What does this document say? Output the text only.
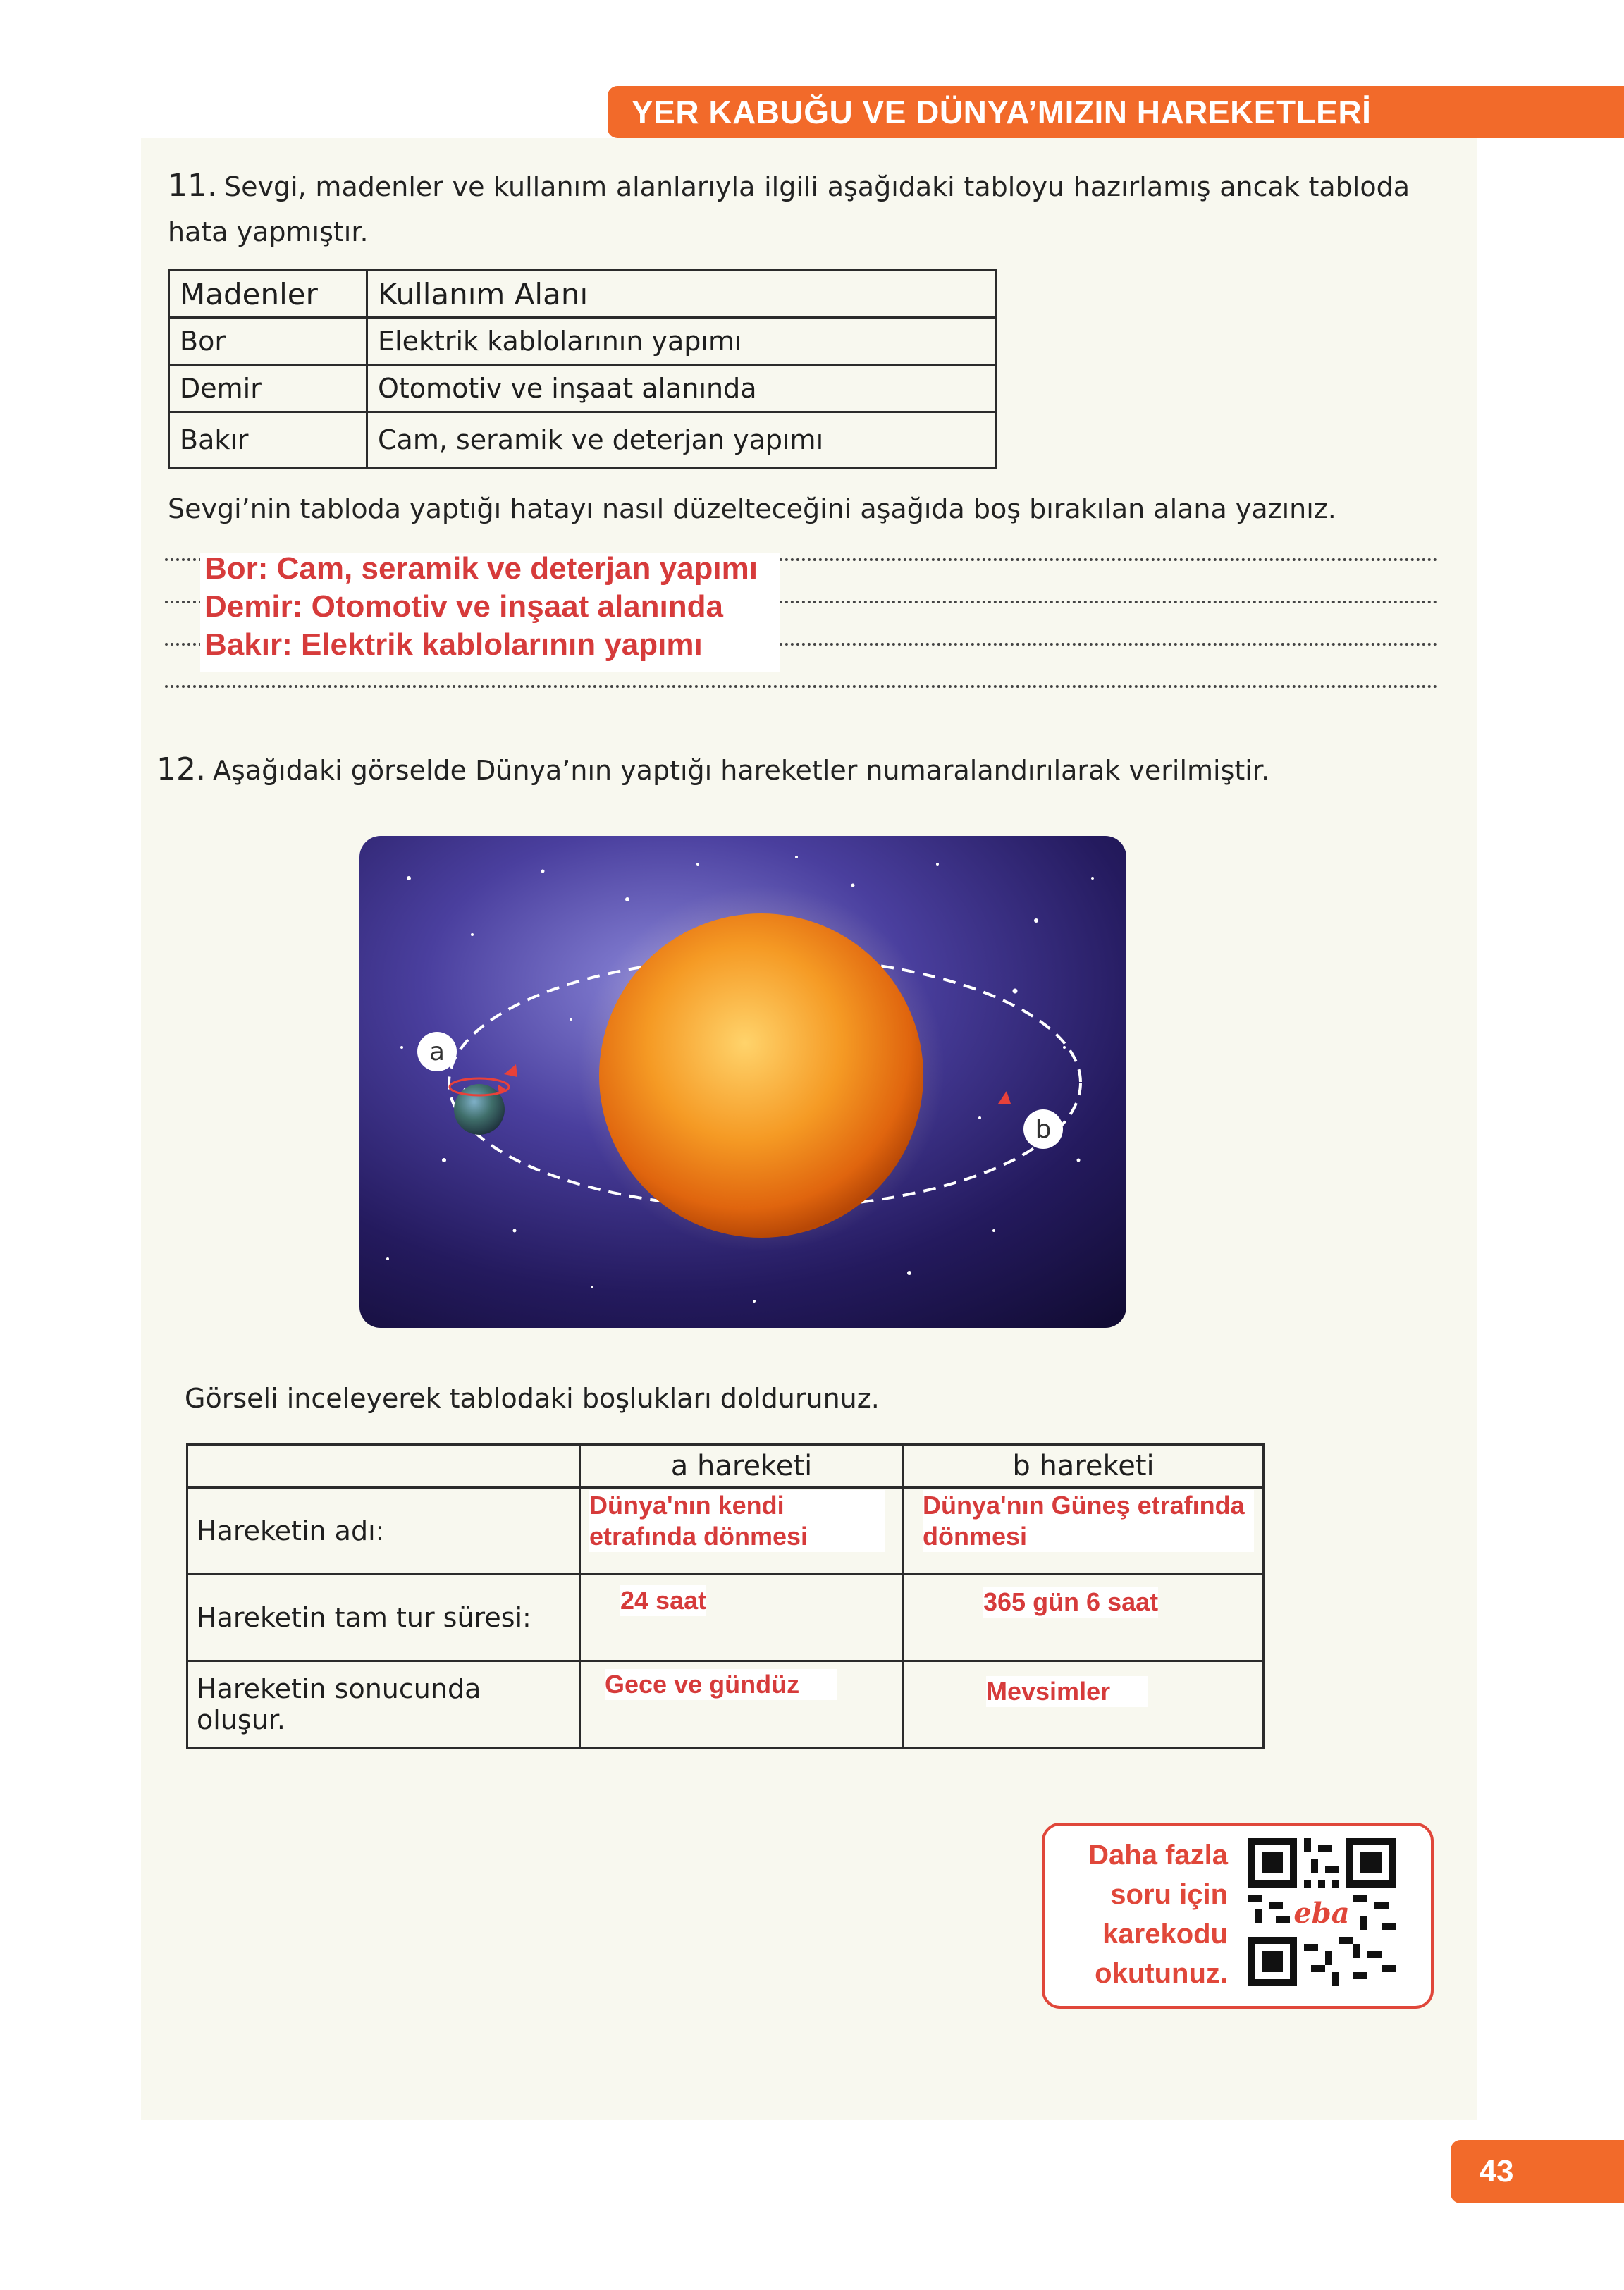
YER KABUĞU VE DÜNYA’MIZIN HAREKETLERİ
11. Sevgi, madenler ve kullanım alanlarıyla ilgili aşağıdaki tabloyu hazırlamış ancak tabloda hata yapmıştır.
Madenler	Kullanım Alanı
Bor	Elektrik kablolarının yapımı
Demir	Otomotiv ve inşaat alanında
Bakır	Cam, seramik ve deterjan yapımı
Sevgi’nin tabloda yaptığı hatayı nasıl düzelteceğini aşağıda boş bırakılan alana yazınız.
Bor: Cam, seramik ve deterjan yapımı
Demir: Otomotiv ve inşaat alanında
Bakır: Elektrik kablolarının yapımı
12. Aşağıdaki görselde Dünya’nın yaptığı hareketler numaralandırılarak verilmiştir.
a
b
Görseli inceleyerek tablodaki boşlukları doldurunuz.
	a hareketi	b hareketi
Hareketin adı:	Dünya'nın kendi etrafında dönmesi	Dünya'nın Güneş etrafında dönmesi

Hareketin tam tur süresi:	24 saat	365 gün 6 saat

Hareketin sonucunda oluşur.	Gece ve gündüz	Mevsimler
Daha fazla
soru için
karekodu
okutunuz.
eba
43
